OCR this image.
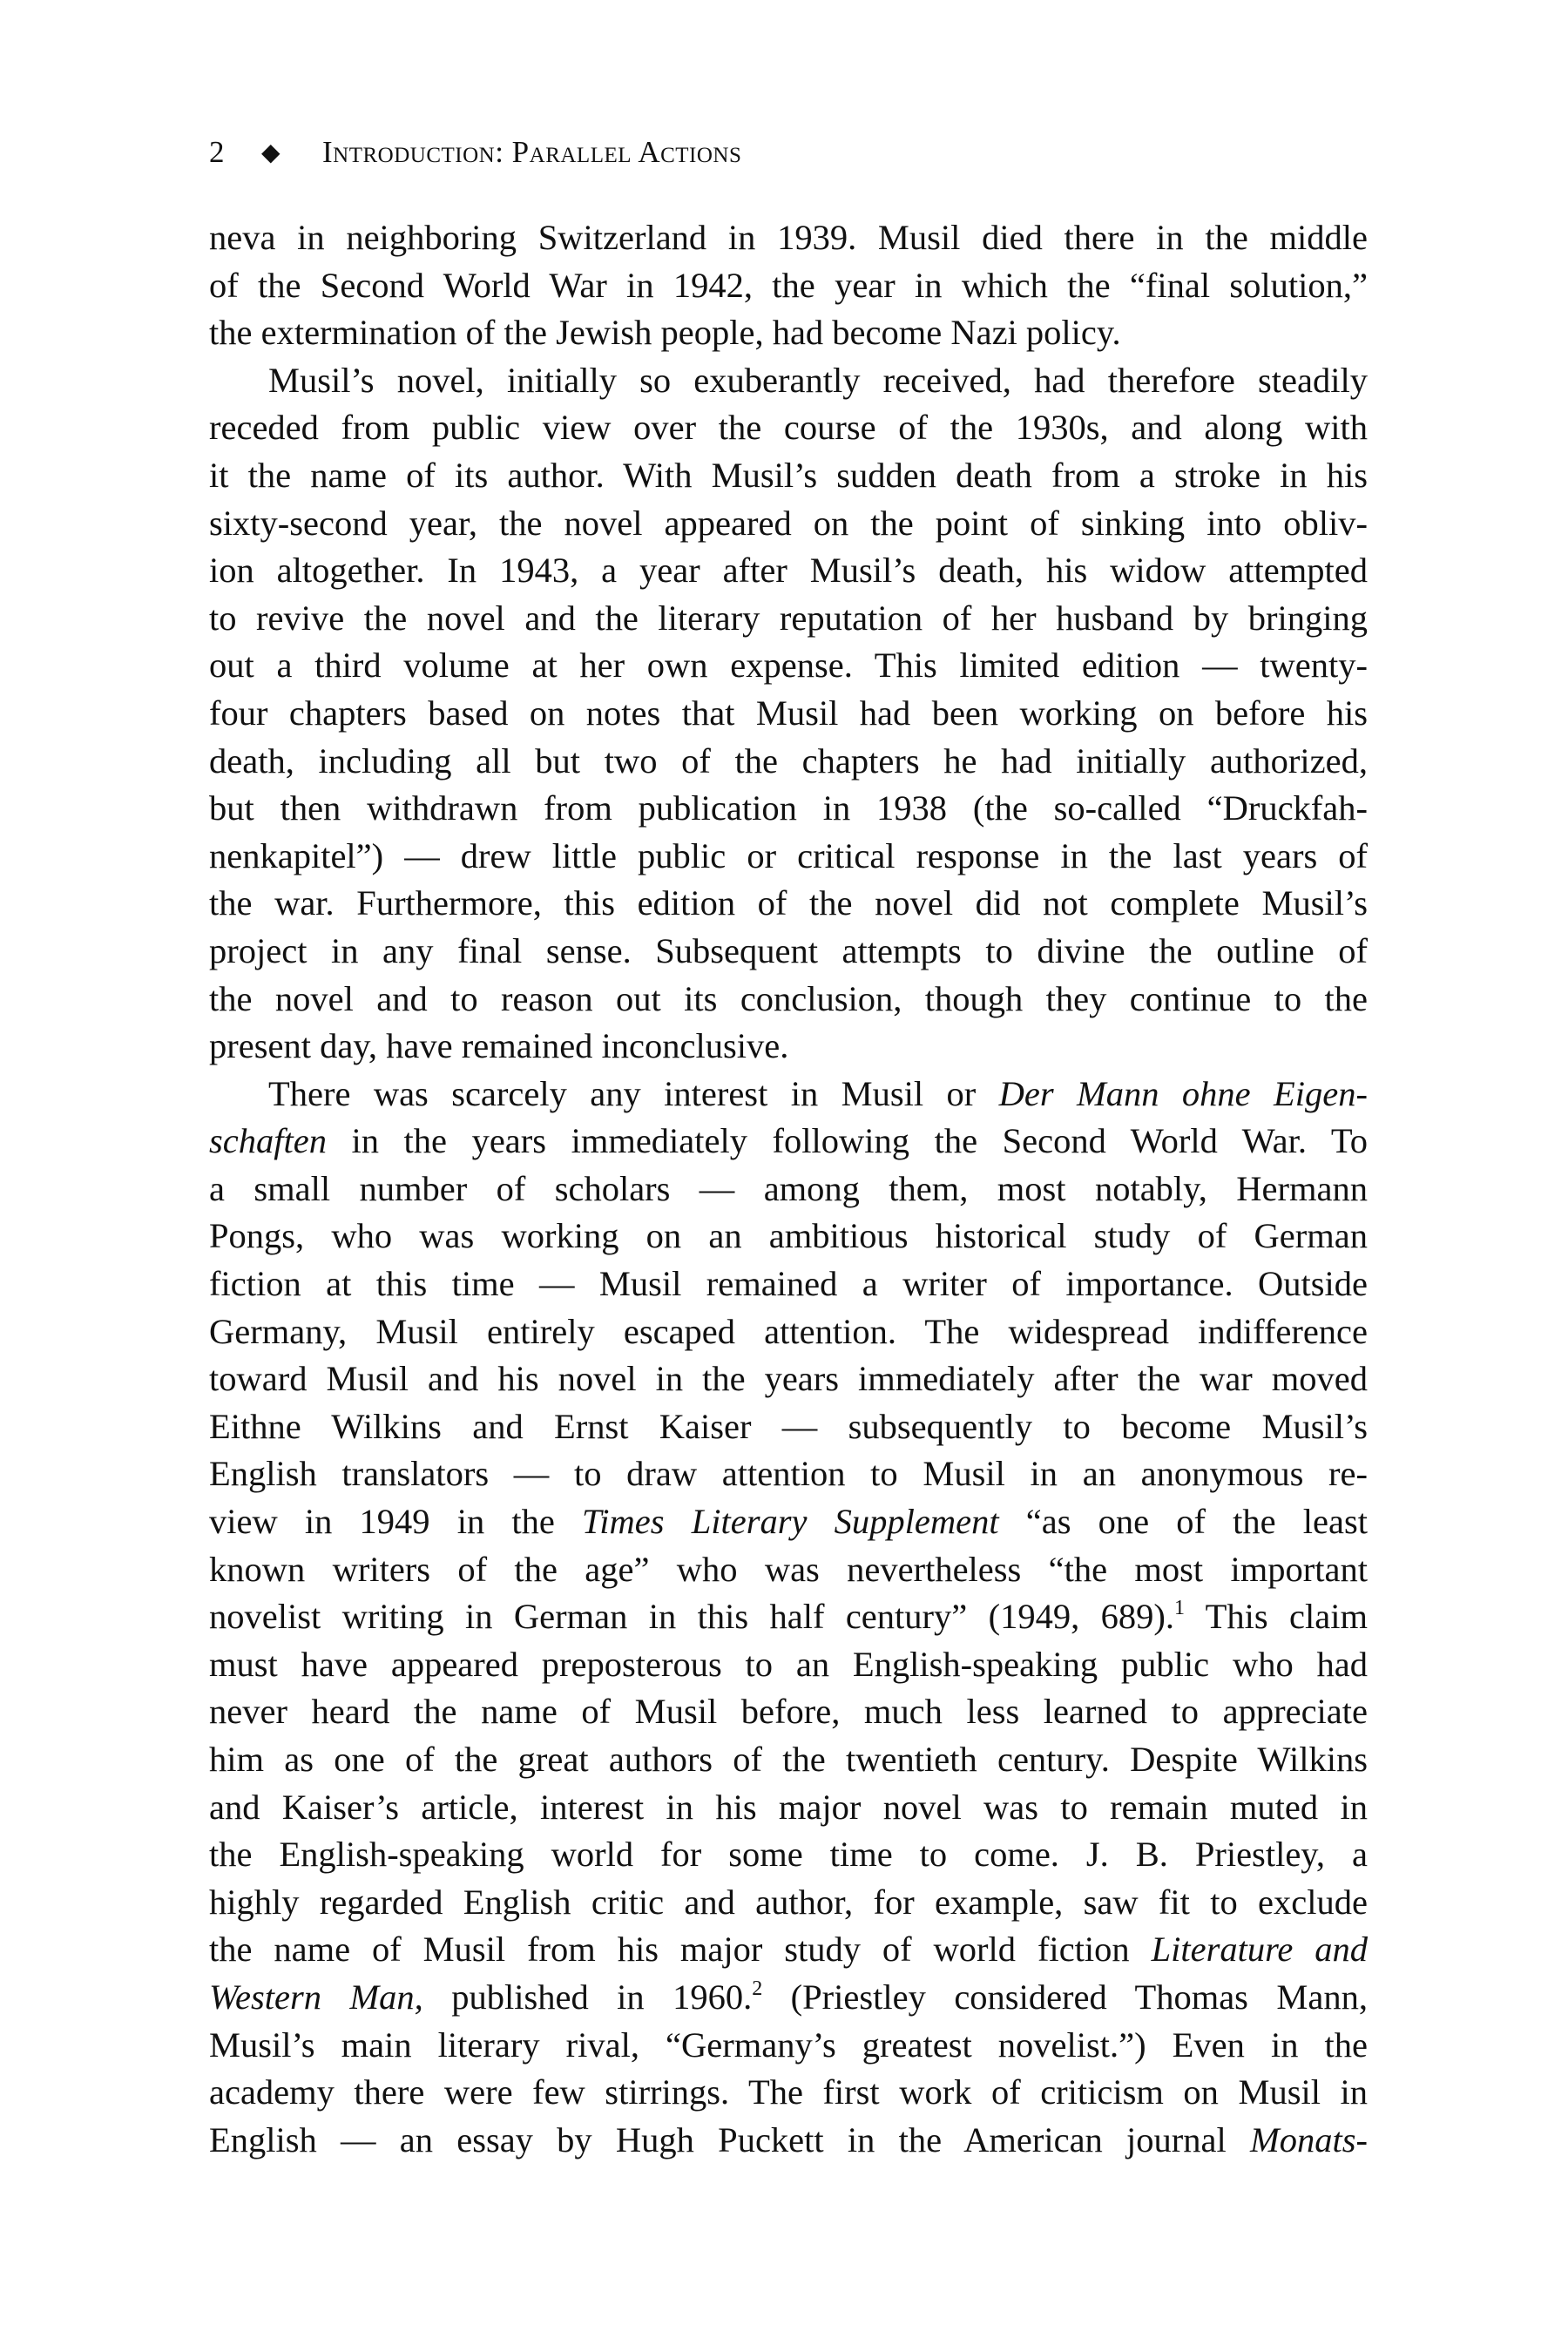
2 ◆ Introduction: Parallel Actions
neva in neighboring Switzerland in 1939. Musil died there in the middle
of the Second World War in 1942, the year in which the “final solution,”
the extermination of the Jewish people, had become Nazi policy.
Musil’s novel, initially so exuberantly received, had therefore steadily
receded from public view over the course of the 1930s, and along with
it the name of its author. With Musil’s sudden death from a stroke in his
sixty-second year, the novel appeared on the point of sinking into obliv-
ion altogether. In 1943, a year after Musil’s death, his widow attempted
to revive the novel and the literary reputation of her husband by bringing
out a third volume at her own expense. This limited edition — twenty-
four chapters based on notes that Musil had been working on before his
death, including all but two of the chapters he had initially authorized,
but then withdrawn from publication in 1938 (the so-called “Druckfah-
nenkapitel”) — drew little public or critical response in the last years of
the war. Furthermore, this edition of the novel did not complete Musil’s
project in any final sense. Subsequent attempts to divine the outline of
the novel and to reason out its conclusion, though they continue to the
present day, have remained inconclusive.
There was scarcely any interest in Musil or Der Mann ohne Eigen-
schaften in the years immediately following the Second World War. To
a small number of scholars — among them, most notably, Hermann
Pongs, who was working on an ambitious historical study of German
fiction at this time — Musil remained a writer of importance. Outside
Germany, Musil entirely escaped attention. The widespread indifference
toward Musil and his novel in the years immediately after the war moved
Eithne Wilkins and Ernst Kaiser — subsequently to become Musil’s
English translators — to draw attention to Musil in an anonymous re-
view in 1949 in the Times Literary Supplement “as one of the least
known writers of the age” who was nevertheless “the most important
novelist writing in German in this half century” (1949, 689).$^1$ This claim
must have appeared preposterous to an English-speaking public who had
never heard the name of Musil before, much less learned to appreciate
him as one of the great authors of the twentieth century. Despite Wilkins
and Kaiser’s article, interest in his major novel was to remain muted in
the English-speaking world for some time to come. J. B. Priestley, a
highly regarded English critic and author, for example, saw fit to exclude
the name of Musil from his major study of world fiction Literature and
Western Man, published in 1960.$^2$ (Priestley considered Thomas Mann,
Musil’s main literary rival, “Germany’s greatest novelist.”) Even in the
academy there were few stirrings. The first work of criticism on Musil in
English — an essay by Hugh Puckett in the American journal Monats-
